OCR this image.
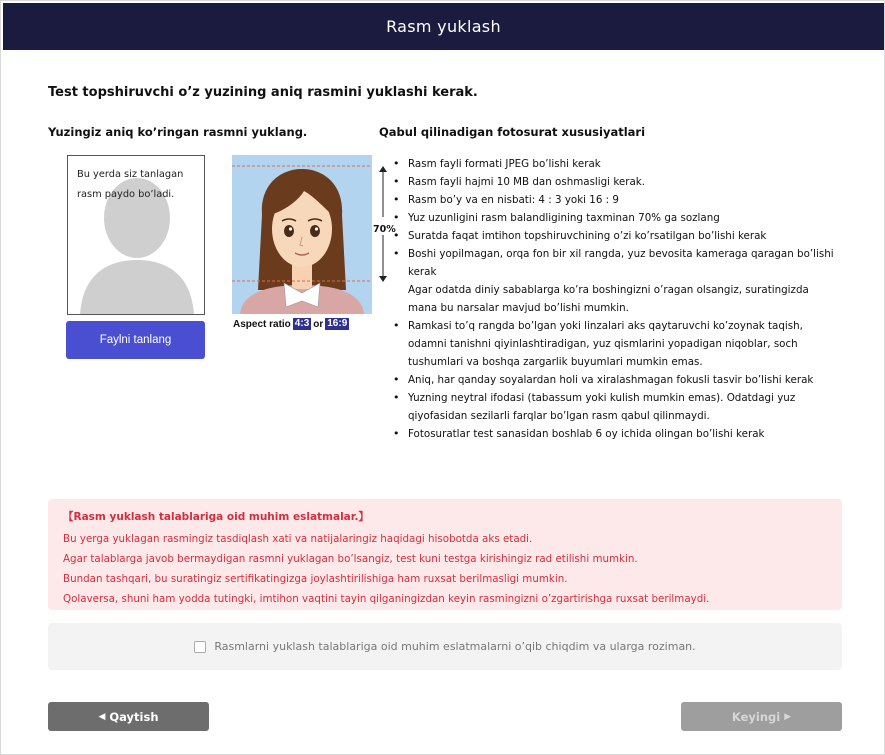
Rasm yuklash
Test topshiruvchi o’z yuzining aniq rasmini yuklashi kerak.
Yuzingiz aniq ko’ringan rasmni yuklang.
Bu yerda siz tanlagan rasm paydo bo’ladi.
Faylni tanlang
70%
Aspect ratio 4:3 or 16:9
Qabul qilinadigan fotosurat xususiyatlari
• Rasm fayli formati JPEG bo’lishi kerak
• Rasm fayli hajmi 10 MB dan oshmasligi kerak.
• Rasm bo’y va en nisbati: 4 : 3 yoki 16 : 9
• Yuz uzunligini rasm balandligining taxminan 70% ga sozlang
• Suratda faqat imtihon topshiruvchining o’zi ko’rsatilgan bo’lishi kerak
• Boshi yopilmagan, orqa fon bir xil rangda, yuz bevosita kameraga qaragan bo’lishi kerak
Agar odatda diniy sabablarga ko’ra boshingizni o’ragan olsangiz, suratingizda mana bu narsalar mavjud bo’lishi mumkin.
• Ramkasi to’q rangda bo’lgan yoki linzalari aks qaytaruvchi ko’zoynak taqish, odamni tanishni qiyinlashtiradigan, yuz qismlarini yopadigan niqoblar, soch tushumlari va boshqa zargarlik buyumlari mumkin emas.
• Aniq, har qanday soyalardan holi va xiralashmagan fokusli tasvir bo’lishi kerak
• Yuzning neytral ifodasi (tabassum yoki kulish mumkin emas). Odatdagi yuz qiyofasidan sezilarli farqlar bo’lgan rasm qabul qilinmaydi.
• Fotosuratlar test sanasidan boshlab 6 oy ichida olingan bo’lishi kerak
【Rasm yuklash talablariga oid muhim eslatmalar.】
Bu yerga yuklagan rasmingiz tasdiqlash xati va natijalaringiz haqidagi hisobotda aks etadi.
Agar talablarga javob bermaydigan rasmni yuklagan bo’lsangiz, test kuni testga kirishingiz rad etilishi mumkin.
Bundan tashqari, bu suratingiz sertifikatingizga joylashtirilishiga ham ruxsat berilmasligi mumkin.
Qolaversa, shuni ham yodda tutingki, imtihon vaqtini tayin qilganingizdan keyin rasmingizni o’zgartirishga ruxsat berilmaydi.
Rasmlarni yuklash talablariga oid muhim eslatmalarni o’qib chiqdim va ularga roziman.
◀ Qaytish	Keyingi ▶
